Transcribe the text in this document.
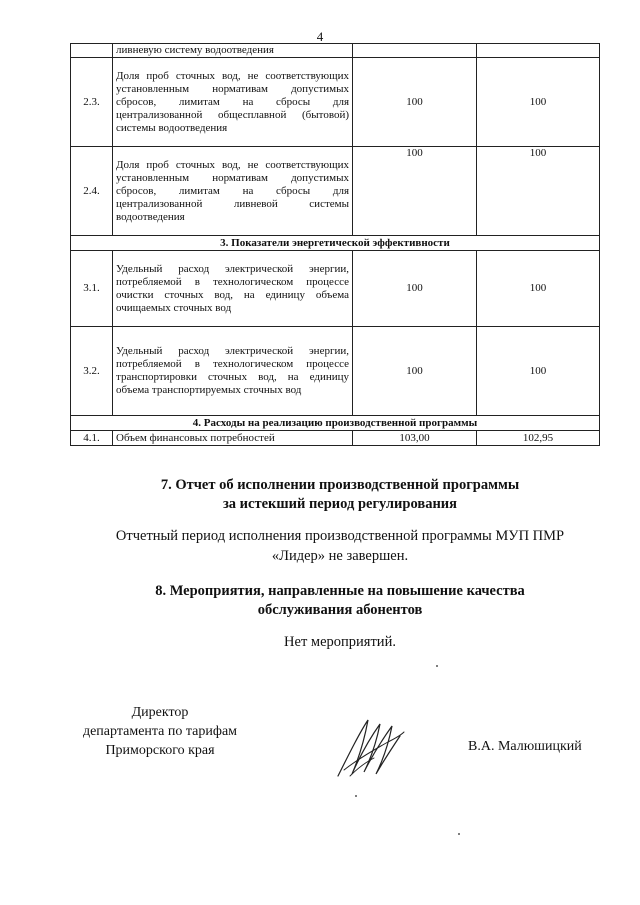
4
	ливневую систему водоотведения		
2.3.	Доля проб сточных вод, не соответствующих установленным нормативам допустимых сбросов, лимитам на сбросы для централизованной общесплавной (бытовой) системы водоотведения	100	100
2.4.	Доля проб сточных вод, не соответствующих установленным нормативам допустимых сбросов, лимитам на сбросы для централизованной ливневой системы водоотведения	100	100
3. Показатели энергетической эффективности			
3.1.	Удельный расход электрической энергии, потребляемой в технологическом процессе очистки сточных вод, на единицу объема очищаемых сточных вод	100	100
3.2.	Удельный расход электрической энергии, потребляемой в технологическом процессе транспортировки сточных вод, на единицу объема транспортируемых сточных вод	100	100
4. Расходы на реализацию производственной программы			
4.1.	Объем финансовых потребностей	103,00	102,95
7. Отчет об исполнении производственной программы
за истекший период регулирования
Отчетный период исполнения производственной программы МУП ПМР
«Лидер» не завершен.
8. Мероприятия, направленные на повышение качества
обслуживания абонентов
Нет мероприятий.
Директор
департамента по тарифам
Приморского края	В.А. Малюшицкий
